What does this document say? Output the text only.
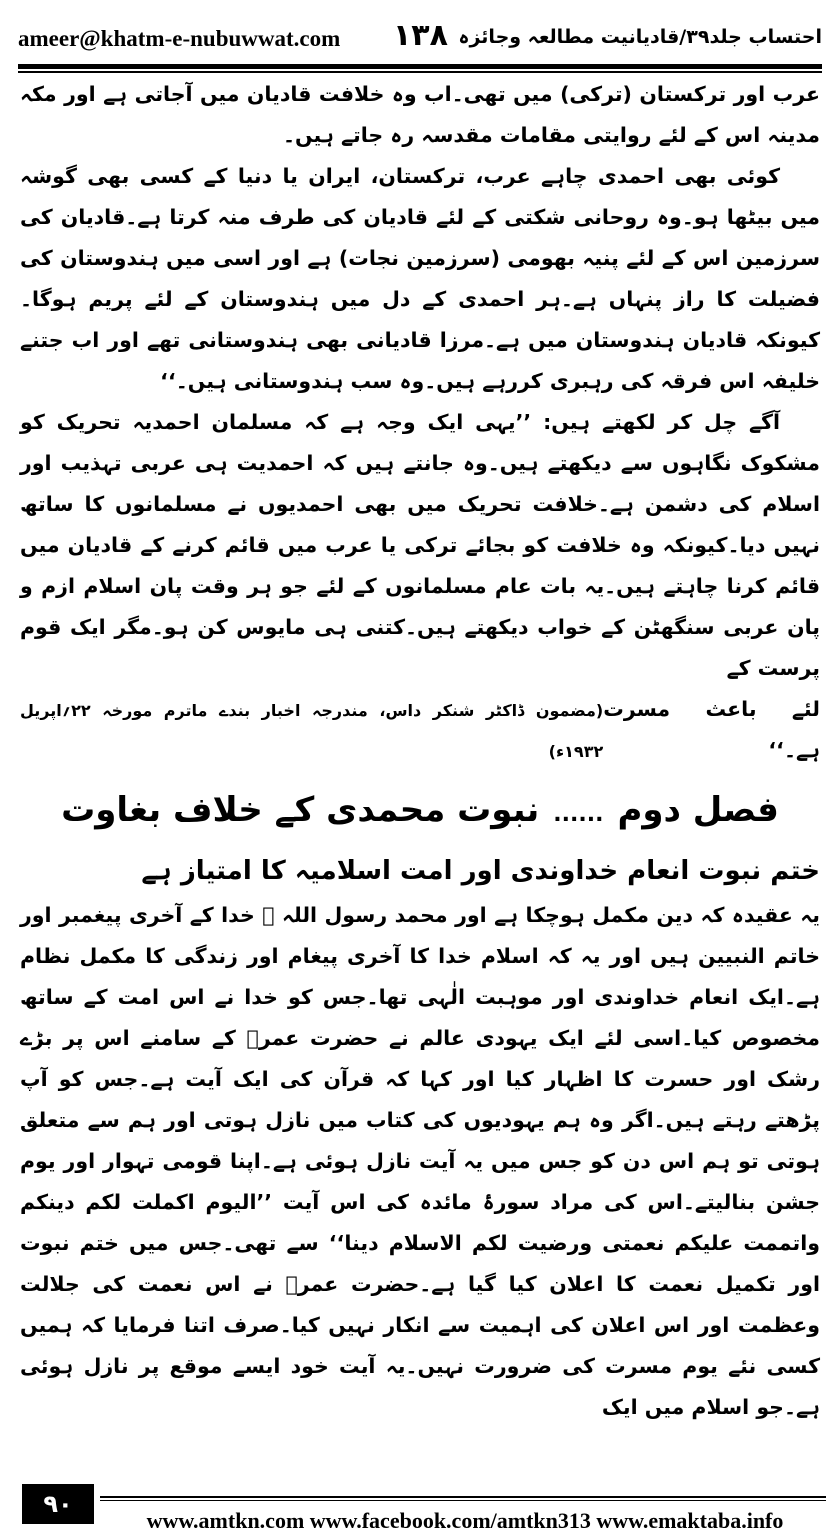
ameer@khatm-e-nubuwwat.com ۱۳۸ احتساب جلد۳۹/قادیانیت مطالعہ وجائزہ

عرب اور ترکستان (ترکی) میں تھی۔اب وہ خلافت قادیان میں آجاتی ہے اور مکہ مدینہ اس کے لئے روایتی مقامات مقدسہ رہ جاتے ہیں۔

کوئی بھی احمدی چاہے عرب، ترکستان، ایران یا دنیا کے کسی بھی گوشہ میں بیٹھا ہو۔وہ روحانی شکتی کے لئے قادیان کی طرف منہ کرتا ہے۔قادیان کی سرزمین اس کے لئے پنیہ بھومی (سرزمین نجات) ہے اور اسی میں ہندوستان کی فضیلت کا راز پنہاں ہے۔ہر احمدی کے دل میں ہندوستان کے لئے پریم ہوگا۔کیونکہ قادیان ہندوستان میں ہے۔مرزا قادیانی بھی ہندوستانی تھے اور اب جتنے خلیفہ اس فرقہ کی رہبری کررہے ہیں۔وہ سب ہندوستانی ہیں۔‘‘

آگے چل کر لکھتے ہیں: ’’یہی ایک وجہ ہے کہ مسلمان احمدیہ تحریک کو مشکوک نگاہوں سے دیکھتے ہیں۔وہ جانتے ہیں کہ احمدیت ہی عربی تہذیب اور اسلام کی دشمن ہے۔خلافت تحریک میں بھی احمدیوں نے مسلمانوں کا ساتھ نہیں دیا۔کیونکہ وہ خلافت کو بجائے ترکی یا عرب میں قائم کرنے کے قادیان میں قائم کرنا چاہتے ہیں۔یہ بات عام مسلمانوں کے لئے جو ہر وقت پان اسلام ازم و پان عربی سنگھٹن کے خواب دیکھتے ہیں۔کتنی ہی مایوس کن ہو۔مگر ایک قوم پرست کے

لئے باعث مسرت ہے۔‘‘
(مضمون ڈاکٹر شنکر داس، مندرجہ اخبار بندے ماترم مورخہ ۲۲؍اپریل ۱۹۳۲ء)
فصل دوم......نبوت محمدی کے خلاف بغاوت
ختم نبوت انعام خداوندی اور امت اسلامیہ کا امتیاز ہے

یہ عقیدہ کہ دین مکمل ہوچکا ہے اور محمد رسول اللہ ﷺ خدا کے آخری پیغمبر اور خاتم النبیین ہیں اور یہ کہ اسلام خدا کا آخری پیغام اور زندگی کا مکمل نظام ہے۔ایک انعام خداوندی اور موہبت الٰہی تھا۔جس کو خدا نے اس امت کے ساتھ مخصوص کیا۔اسی لئے ایک یہودی عالم نے حضرت عمرؓ کے سامنے اس پر بڑے رشک اور حسرت کا اظہار کیا اور کہا کہ قرآن کی ایک آیت ہے۔جس کو آپ پڑھتے رہتے ہیں۔اگر وہ ہم یہودیوں کی کتاب میں نازل ہوتی اور ہم سے متعلق ہوتی تو ہم اس دن کو جس میں یہ آیت نازل ہوئی ہے۔اپنا قومی تہوار اور یوم جشن بنالیتے۔اس کی مراد سورۂ مائدہ کی اس آیت ’’الیوم اکملت لکم دینکم واتممت علیکم نعمتی ورضیت لکم الاسلام دینا‘‘ سے تھی۔جس میں ختم نبوت اور تکمیل نعمت کا اعلان کیا گیا ہے۔حضرت عمرؓ نے اس نعمت کی جلالت وعظمت اور اس اعلان کی اہمیت سے انکار نہیں کیا۔صرف اتنا فرمایا کہ ہمیں کسی نئے یوم مسرت کی ضرورت نہیں۔یہ آیت خود ایسے موقع پر نازل ہوئی ہے۔جو اسلام میں ایک

۹۰
www.amtkn.com www.facebook.com/amtkn313 www.emaktaba.info
